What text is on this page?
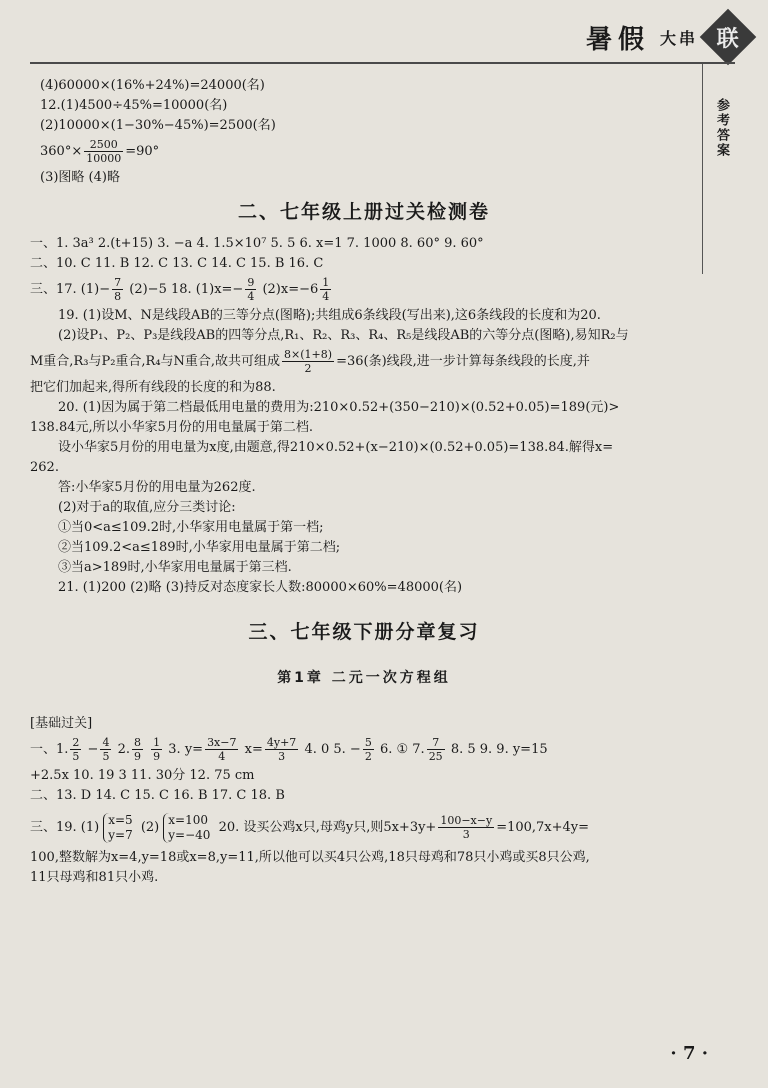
暑假 大串 联
参考答案

(4)60000×(16%+24%)=24000(名)

12.(1)4500÷45%=10000(名)

(2)10000×(1−30%−45%)=2500(名)

$360^\circ\times \frac{2500}{10000} =90^\circ$

(3)图略 (4)略

二、七年级上册过关检测卷

一、1. 3a³ 2.(t+15) 3. −a 4. 1.5×10⁷ 5. 5 6. x=1 7. 1000 8. 60° 9. 60°

二、10. C 11. B 12. C 13. C 14. C 15. B 16. C

三、17. $(1)- \frac{7}{8} (2)-5$ 18. $(1)x=- \frac{9}{4} (2)x=-6 \frac{1}{4}$

19. (1)设M、N是线段AB的三等分点(图略);共组成6条线段(写出来),这6条线段的长度和为20.

(2)设P₁、P₂、P₃是线段AB的四等分点,R₁、R₂、R₃、R₄、R₅是线段AB的六等分点(图略),易知R₂与

M重合,R₃与P₂重合,R₄与N重合,故共可组成 $\frac{8\times(1+8)}{2} =36$(条)线段,进一步计算每条线段的长度,并

把它们加起来,得所有线段的长度的和为88.

20. (1)因为属于第二档最低用电量的费用为:210×0.52+(350−210)×(0.52+0.05)=189(元)>

138.84元,所以小华家5月份的用电量属于第二档.

设小华家5月份的用电量为x度,由题意,得210×0.52+(x−210)×(0.52+0.05)=138.84.解得x=

262.

答:小华家5月份的用电量为262度.

(2)对于a的取值,应分三类讨论:

①当0<a≤109.2时,小华家用电量属于第一档;

②当109.2<a≤189时,小华家用电量属于第二档;

③当a>189时,小华家用电量属于第三档.

21. (1)200 (2)略 (3)持反对态度家长人数:80000×60%=48000(名)

三、七年级下册分章复习
第1章 二元一次方程组

[基础过关]

一、1. $\frac{2}{5} - \frac{4}{5} 2$. $\frac{8}{9}$
$\frac{1}{9} 3$. $y= \frac{3x-7}{4} x= \frac{4y+7}{3} 4$. 0 5. − $\frac{5}{2} 6$. ① 7. $\frac{7}{25} 8$. 5 9. 9. y=15

+2.5x 10. 19 3 11. 30分 12. 75 cm

二、13. D 14. C 15. C 16. B 17. C 18. B

三、19. (1)
x=5
y=7 (2)
x=100
y=−40 20. 设买公鸡x只,母鸡y只,则$5x+3y+ \frac{100-x-y}{3} =100,7x+4y=$

100,整数解为x=4,y=18或x=8,y=11,所以他可以买4只公鸡,18只母鸡和78只小鸡或买8只公鸡,

11只母鸡和81只小鸡.

· 7 ·
